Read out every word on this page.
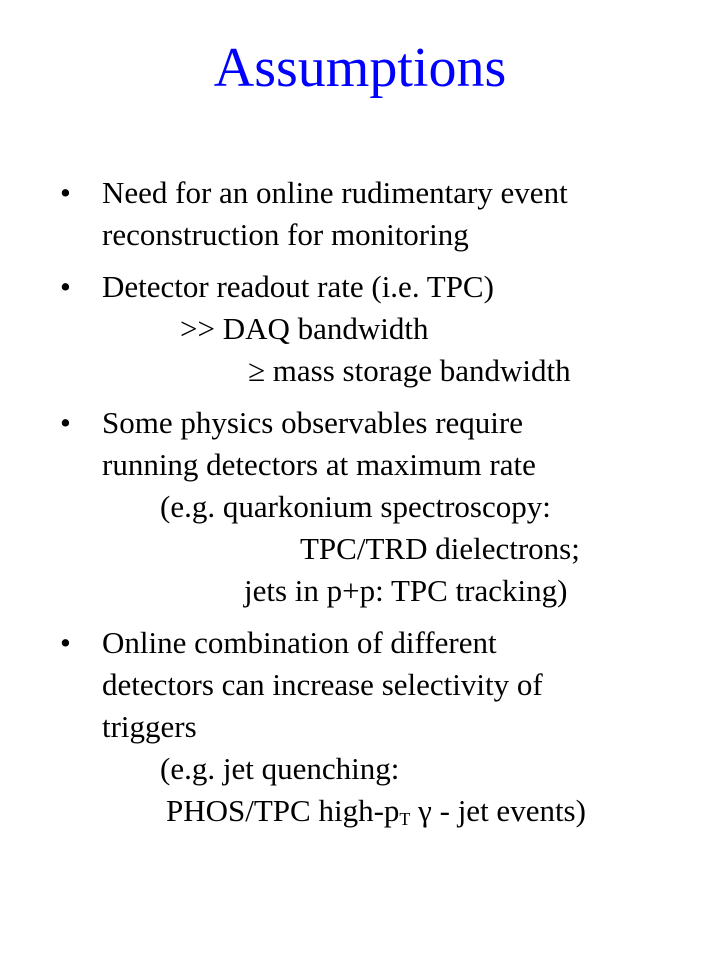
Assumptions
• Need for an online rudimentary event
reconstruction for monitoring
• Detector readout rate (i.e. TPC)
>> DAQ bandwidth
≥ mass storage bandwidth
• Some physics observables require
running detectors at maximum rate
(e.g. quarkonium spectroscopy:
TPC/TRD dielectrons;
jets in p+p: TPC tracking)
• Online combination of different
detectors can increase selectivity of
triggers
(e.g. jet quenching:
PHOS/TPC high-$p_T$ γ - jet events)
